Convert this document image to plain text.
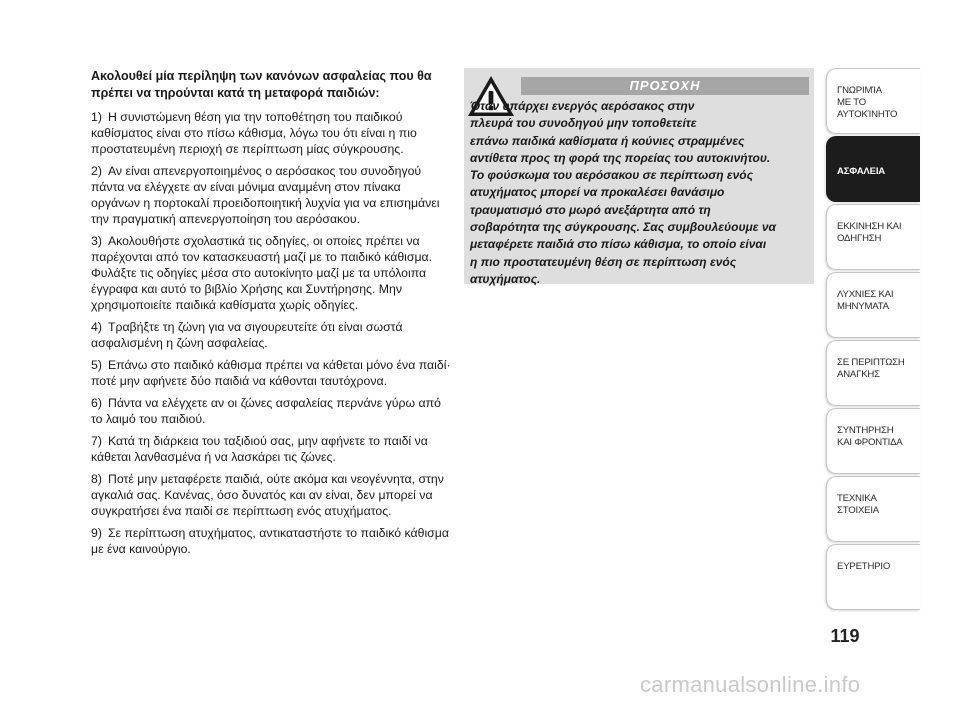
Ακολουθεί μία περίληψη των κανόνων ασφαλείας που θα πρέπει να τηρούνται κατά τη μεταφορά παιδιών:

1) Η συνιστώμενη θέση για την τοποθέτηση του παιδικού καθίσματος είναι στο πίσω κάθισμα, λόγω του ότι είναι η πιο προστατευμένη περιοχή σε περίπτωση μίας σύγκρουσης.

2) Αν είναι απενεργοποιημένος ο αερόσακος του συνοδηγού πάντα να ελέγχετε αν είναι μόνιμα αναμμένη στον πίνακα οργάνων η πορτοκαλί προειδοποιητική λυχνία για να επισημάνει την πραγματική απενεργοποίηση του αερόσακου.

3) Ακολουθήστε σχολαστικά τις οδηγίες, οι οποίες πρέπει να παρέχονται από τον κατασκευαστή μαζί με το παιδικό κάθισμα. Φυλάξτε τις οδηγίες μέσα στο αυτοκίνητο μαζί με τα υπόλοιπα έγγραφα και αυτό το βιβλίο Χρήσης και Συντήρησης. Μην χρησιμοποιείτε παιδικά καθίσματα χωρίς οδηγίες.

4) Τραβήξτε τη ζώνη για να σιγουρευτείτε ότι είναι σωστά ασφαλισμένη η ζώνη ασφαλείας.

5) Επάνω στο παιδικό κάθισμα πρέπει να κάθεται μόνο ένα παιδί· ποτέ μην αφήνετε δύο παιδιά να κάθονται ταυτόχρονα.

6) Πάντα να ελέγχετε αν οι ζώνες ασφαλείας περνάνε γύρω από το λαιμό του παιδιού.

7) Κατά τη διάρκεια του ταξιδιού σας, μην αφήνετε το παιδί να κάθεται λανθασμένα ή να λασκάρει τις ζώνες.

8) Ποτέ μην μεταφέρετε παιδιά, ούτε ακόμα και νεογέννητα, στην αγκαλιά σας. Κανένας, όσο δυνατός και αν είναι, δεν μπορεί να συγκρατήσει ένα παιδί σε περίπτωση ενός ατυχήματος.

9) Σε περίπτωση ατυχήματος, αντικαταστήστε το παιδικό κάθισμα με ένα καινούργιο.

ΠΡΟΣΟΧΗ
Όταν υπάρχει ενεργός αερόσακος στην
πλευρά του συνοδηγού μην τοποθετείτε
επάνω παιδικά καθίσματα ή κούνιες στραμμένες
αντίθετα προς τη φορά της πορείας του αυτοκινήτου.
Το φούσκωμα του αερόσακου σε περίπτωση ενός
ατυχήματος μπορεί να προκαλέσει θανάσιμο
τραυματισμό στο μωρό ανεξάρτητα από τη
σοβαρότητα της σύγκρουσης. Σας συμβουλεύουμε να
μεταφέρετε παιδιά στο πίσω κάθισμα, το οποίο είναι
η πιο προστατευμένη θέση σε περίπτωση ενός
ατυχήματος.
ΓΝΩΡΙΜΊΑ
ΜΕ ΤΟ
ΑΥΤΟΚΊΝΗΤΟ
ΑΣΦΑΛΕΙΑ
ΕΚΚΙΝΗΣΗ ΚΑΙ
ΟΔΗΓΗΣΗ
ΛΥΧΝΙΕΣ ΚΑΙ
ΜΗΝΥΜΑΤΑ
ΣΕ ΠΕΡΙΠΤΩΣΗ
ΑΝΑΓΚΗΣ
ΣΥΝΤΗΡΗΣΗ
ΚΑΙ ΦΡΟΝΤΙΔΑ
ΤΕΧΝΙΚΑ
ΣΤΟΙΧΕΙΑ
ΕΥΡΕΤΗΡΙΟ
119
carmanualsonline.info
